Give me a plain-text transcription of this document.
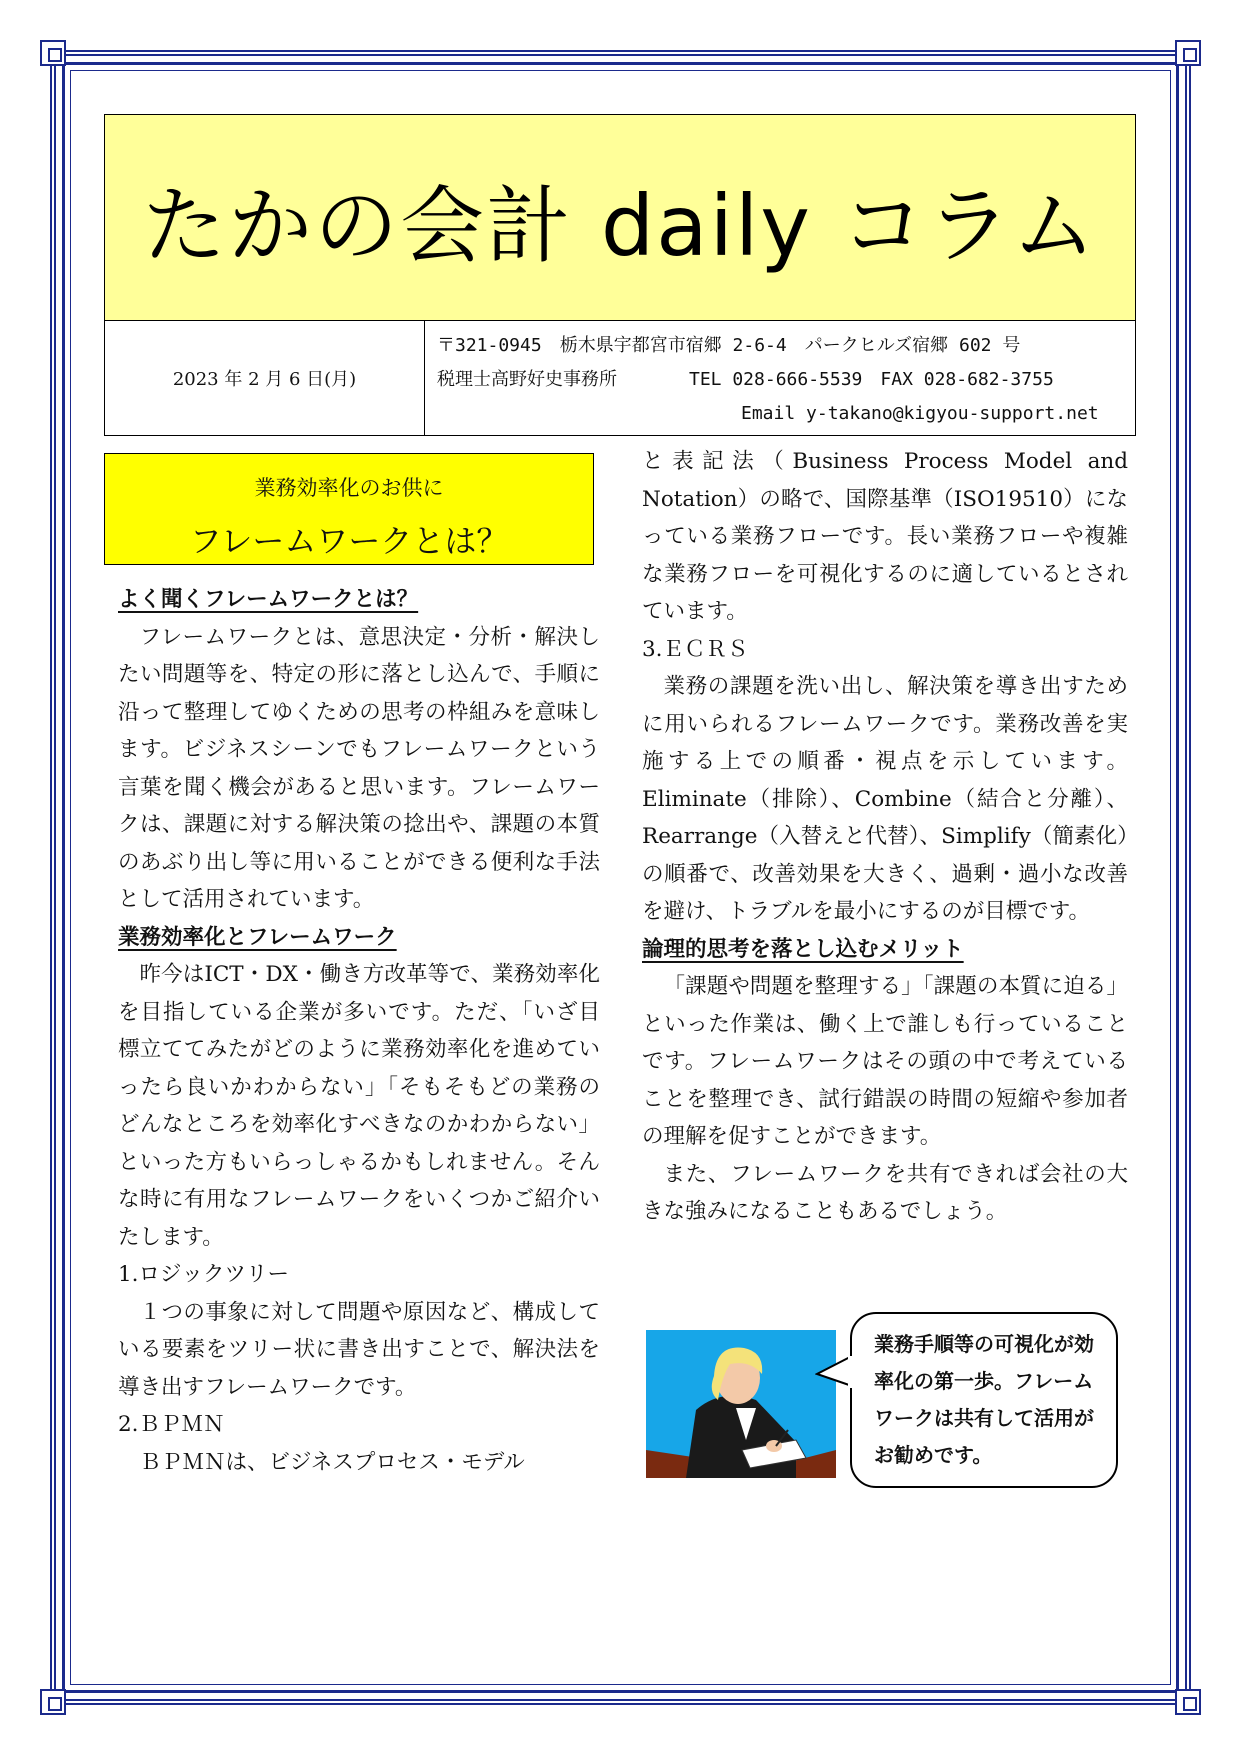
たかの会計 daily コラム
2023 年 2 月 6 日(月)
〒321-0945　栃木県宇都宮市宿郷 2-6-4　パークヒルズ宿郷 602 号
税理士高野好史事務所　　　　TEL 028-666-5539　FAX 028-682-3755
Email y-takano@kigyou-support.net
業務効率化のお供に
フレームワークとは？
よく聞くフレームワークとは？

フレームワークとは、意思決定・分析・解決したい問題等を、特定の形に落とし込んで、手順に沿って整理してゆくための思考の枠組みを意味します。ビジネスシーンでもフレームワークという言葉を聞く機会があると思います。フレームワークは、課題に対する解決策の捻出や、課題の本質のあぶり出し等に用いることができる便利な手法として活用されています。

業務効率化とフレームワーク

昨今はICT・DX・働き方改革等で、業務効率化を目指している企業が多いです。ただ、「いざ目標立ててみたがどのように業務効率化を進めていったら良いかわからない」「そもそもどの業務のどんなところを効率化すべきなのかわからない」といった方もいらっしゃるかもしれません。そんな時に有用なフレームワークをいくつかご紹介いたします。

1.ロジックツリー

１つの事象に対して問題や原因など、構成している要素をツリー状に書き出すことで、解決法を導き出すフレームワークです。

2.ＢＰＭＮ

ＢＰＭＮは、ビジネスプロセス・モデル

と表記法（Business Process Model and Notation）の略で、国際基準（ISO19510）になっている業務フローです。長い業務フローや複雑な業務フローを可視化するのに適しているとされています。

3.ＥＣＲＳ

業務の課題を洗い出し、解決策を導き出すために用いられるフレームワークです。業務改善を実施する上での順番・視点を示しています。Eliminate（排除）、Combine（結合と分離）、Rearrange（入替えと代替）、Simplify（簡素化）の順番で、改善効果を大きく、過剰・過小な改善を避け、トラブルを最小にするのが目標です。

論理的思考を落とし込むメリット

「課題や問題を整理する」「課題の本質に迫る」といった作業は、働く上で誰しも行っていることです。フレームワークはその頭の中で考えていることを整理でき、試行錯誤の時間の短縮や参加者の理解を促すことができます。

また、フレームワークを共有できれば会社の大きな強みになることもあるでしょう。

業務手順等の可視化が効率化の第一歩。フレームワークは共有して活用がお勧めです。
